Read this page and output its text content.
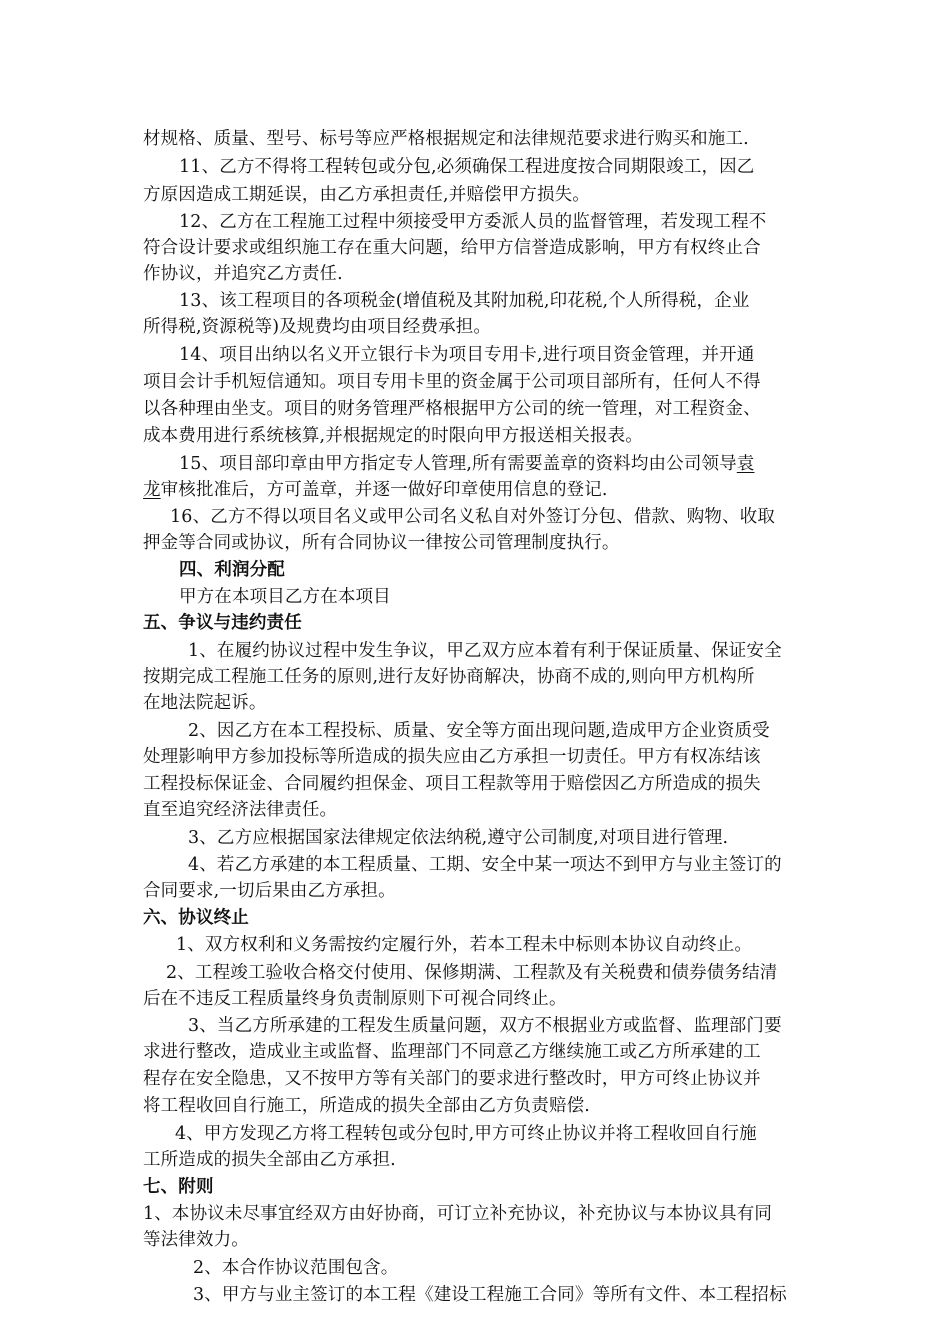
材规格、质量、型号、标号等应严格根据规定和法律规范要求进行购买和施工.
11、乙方不得将工程转包或分包,必须确保工程进度按合同期限竣工，因乙
方原因造成工期延误，由乙方承担责任,并赔偿甲方损失。
12、乙方在工程施工过程中须接受甲方委派人员的监督管理，若发现工程不
符合设计要求或组织施工存在重大问题，给甲方信誉造成影响，甲方有权终止合
作协议，并追究乙方责任.
13、该工程项目的各项税金(增值税及其附加税,印花税,个人所得税，企业
所得税,资源税等)及规费均由项目经费承担。
14、项目出纳以名义开立银行卡为项目专用卡,进行项目资金管理，并开通
项目会计手机短信通知。项目专用卡里的资金属于公司项目部所有，任何人不得
以各种理由坐支。项目的财务管理严格根据甲方公司的统一管理，对工程资金、
成本费用进行系统核算,并根据规定的时限向甲方报送相关报表。
15、项目部印章由甲方指定专人管理,所有需要盖章的资料均由公司领导袁
龙审核批准后，方可盖章，并逐一做好印章使用信息的登记.
16、乙方不得以项目名义或甲公司名义私自对外签订分包、借款、购物、收取
押金等合同或协议，所有合同协议一律按公司管理制度执行。
四、利润分配
甲方在本项目乙方在本项目
五、争议与违约责任
1、在履约协议过程中发生争议，甲乙双方应本着有利于保证质量、保证安全
按期完成工程施工任务的原则,进行友好协商解决，协商不成的,则向甲方机构所
在地法院起诉。
2、因乙方在本工程投标、质量、安全等方面出现问题,造成甲方企业资质受
处理影响甲方参加投标等所造成的损失应由乙方承担一切责任。甲方有权冻结该
工程投标保证金、合同履约担保金、项目工程款等用于赔偿因乙方所造成的损失
直至追究经济法律责任。
3、乙方应根据国家法律规定依法纳税,遵守公司制度,对项目进行管理.
4、若乙方承建的本工程质量、工期、安全中某一项达不到甲方与业主签订的
合同要求,一切后果由乙方承担。
六、协议终止
1、双方权利和义务需按约定履行外，若本工程未中标则本协议自动终止。
2、工程竣工验收合格交付使用、保修期满、工程款及有关税费和债券债务结清
后在不违反工程质量终身负责制原则下可视合同终止。
3、当乙方所承建的工程发生质量问题，双方不根据业方或监督、监理部门要
求进行整改，造成业主或监督、监理部门不同意乙方继续施工或乙方所承建的工
程存在安全隐患，又不按甲方等有关部门的要求进行整改时，甲方可终止协议并
将工程收回自行施工，所造成的损失全部由乙方负责赔偿.
4、甲方发现乙方将工程转包或分包时,甲方可终止协议并将工程收回自行施
工所造成的损失全部由乙方承担.
七、附则
1、本协议未尽事宜经双方由好协商，可订立补充协议，补充协议与本协议具有同
等法律效力。
2、本合作协议范围包含。
3、甲方与业主签订的本工程《建设工程施工合同》等所有文件、本工程招标
